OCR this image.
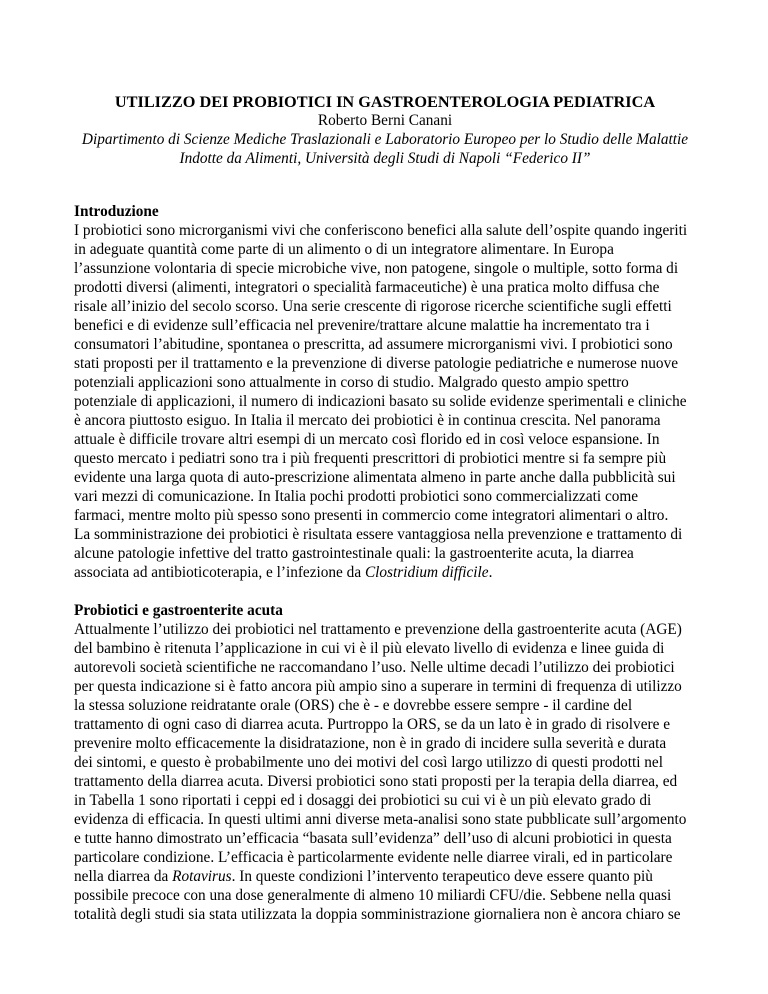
UTILIZZO DEI PROBIOTICI IN GASTROENTEROLOGIA PEDIATRICA

Roberto Berni Canani

Dipartimento di Scienze Mediche Traslazionali e Laboratorio Europeo per lo Studio delle Malattie

Indotte da Alimenti, Università degli Studi di Napoli “Federico II”

Introduzione

I probiotici sono microrganismi vivi che conferiscono benefici alla salute dell’ospite quando ingeriti

in adeguate quantità come parte di un alimento o di un integratore alimentare. In Europa

l’assunzione volontaria di specie microbiche vive, non patogene, singole o multiple, sotto forma di

prodotti diversi (alimenti, integratori o specialità farmaceutiche) è una pratica molto diffusa che

risale all’inizio del secolo scorso. Una serie crescente di rigorose ricerche scientifiche sugli effetti

benefici e di evidenze sull’efficacia nel prevenire/trattare alcune malattie ha incrementato tra i

consumatori l’abitudine, spontanea o prescritta, ad assumere microrganismi vivi. I probiotici sono

stati proposti per il trattamento e la prevenzione di diverse patologie pediatriche e numerose nuove

potenziali applicazioni sono attualmente in corso di studio. Malgrado questo ampio spettro

potenziale di applicazioni, il numero di indicazioni basato su solide evidenze sperimentali e cliniche

è ancora piuttosto esiguo. In Italia il mercato dei probiotici è in continua crescita. Nel panorama

attuale è difficile trovare altri esempi di un mercato così florido ed in così veloce espansione. In

questo mercato i pediatri sono tra i più frequenti prescrittori di probiotici mentre si fa sempre più

evidente una larga quota di auto-prescrizione alimentata almeno in parte anche dalla pubblicità sui

vari mezzi di comunicazione. In Italia pochi prodotti probiotici sono commercializzati come

farmaci, mentre molto più spesso sono presenti in commercio come integratori alimentari o altro.

La somministrazione dei probiotici è risultata essere vantaggiosa nella prevenzione e trattamento di

alcune patologie infettive del tratto gastrointestinale quali: la gastroenterite acuta, la diarrea

associata ad antibioticoterapia, e l’infezione da Clostridium difficile.

Probiotici e gastroenterite acuta

Attualmente l’utilizzo dei probiotici nel trattamento e prevenzione della gastroenterite acuta (AGE)

del bambino è ritenuta l’applicazione in cui vi è il più elevato livello di evidenza e linee guida di

autorevoli società scientifiche ne raccomandano l’uso. Nelle ultime decadi l’utilizzo dei probiotici

per questa indicazione si è fatto ancora più ampio sino a superare in termini di frequenza di utilizzo

la stessa soluzione reidratante orale (ORS) che è - e dovrebbe essere sempre - il cardine del

trattamento di ogni caso di diarrea acuta. Purtroppo la ORS, se da un lato è in grado di risolvere e

prevenire molto efficacemente la disidratazione, non è in grado di incidere sulla severità e durata

dei sintomi, e questo è probabilmente uno dei motivi del così largo utilizzo di questi prodotti nel

trattamento della diarrea acuta. Diversi probiotici sono stati proposti per la terapia della diarrea, ed

in Tabella 1 sono riportati i ceppi ed i dosaggi dei probiotici su cui vi è un più elevato grado di

evidenza di efficacia. In questi ultimi anni diverse meta-analisi sono state pubblicate sull’argomento

e tutte hanno dimostrato un’efficacia “basata sull’evidenza” dell’uso di alcuni probiotici in questa

particolare condizione. L’efficacia è particolarmente evidente nelle diarree virali, ed in particolare

nella diarrea da Rotavirus. In queste condizioni l’intervento terapeutico deve essere quanto più

possibile precoce con una dose generalmente di almeno 10 miliardi CFU/die. Sebbene nella quasi

totalità degli studi sia stata utilizzata la doppia somministrazione giornaliera non è ancora chiaro se
